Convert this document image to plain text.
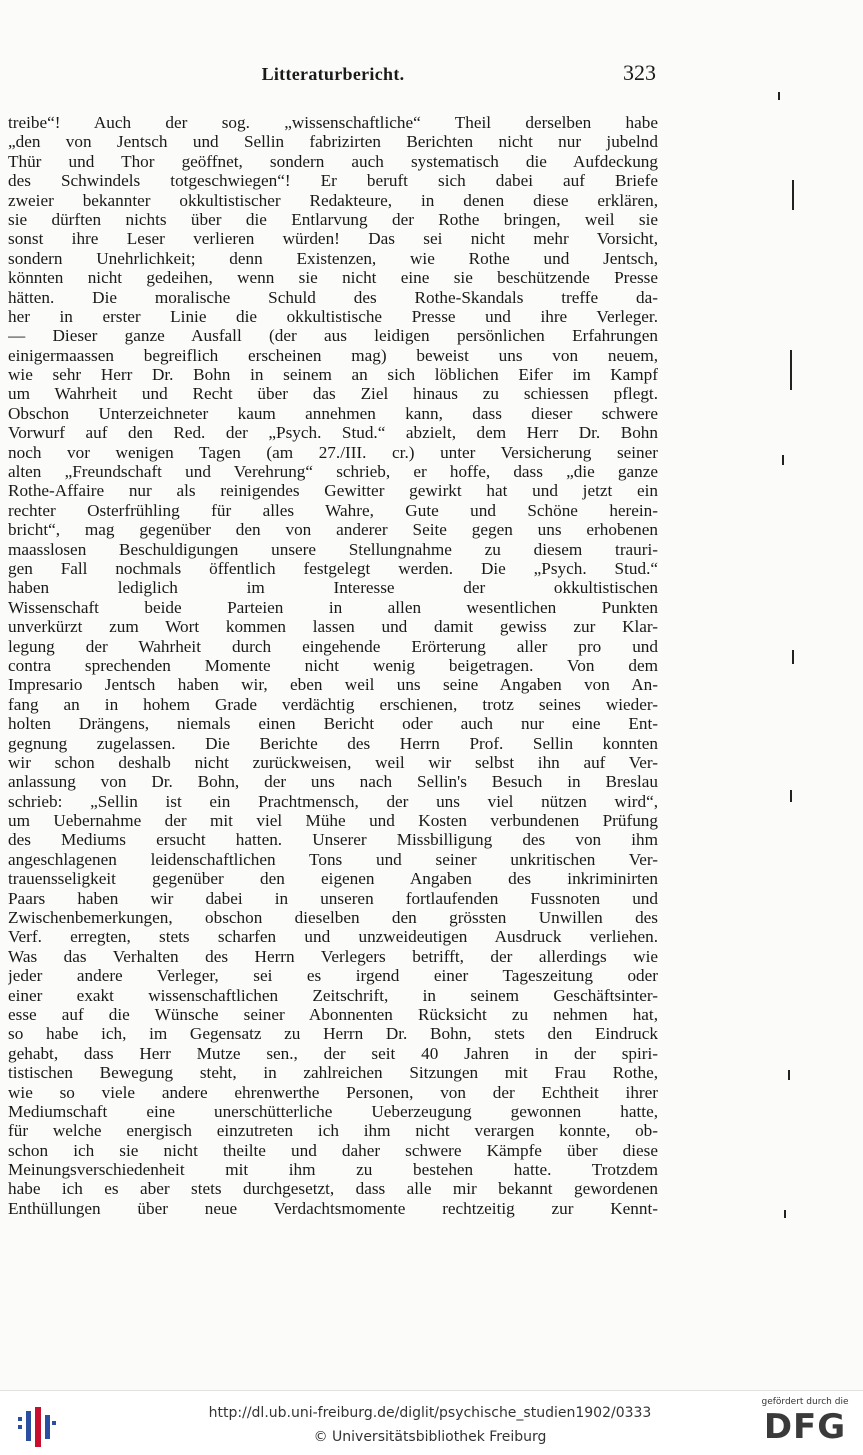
Litteraturbericht.	323
treibe“! Auch der sog. „wissenschaftliche“ Theil derselben habe
„den von Jentsch und Sellin fabrizirten Berichten nicht nur jubelnd
Thür und Thor geöffnet, sondern auch systematisch die Aufdeckung
des Schwindels totgeschwiegen“! Er beruft sich dabei auf Briefe
zweier bekannter okkultistischer Redakteure, in denen diese erklären,
sie dürften nichts über die Entlarvung der Rothe bringen, weil sie
sonst ihre Leser verlieren würden! Das sei nicht mehr Vorsicht,
sondern Unehrlichkeit; denn Existenzen, wie Rothe und Jentsch,
könnten nicht gedeihen, wenn sie nicht eine sie beschützende Presse
hätten. Die moralische Schuld des Rothe-Skandals treffe da-
her in erster Linie die okkultistische Presse und ihre Verleger.
— Dieser ganze Ausfall (der aus leidigen persönlichen Erfahrungen
einigermaassen begreiflich erscheinen mag) beweist uns von neuem,
wie sehr Herr Dr. Bohn in seinem an sich löblichen Eifer im Kampf
um Wahrheit und Recht über das Ziel hinaus zu schiessen pflegt.
Obschon Unterzeichneter kaum annehmen kann, dass dieser schwere
Vorwurf auf den Red. der „Psych. Stud.“ abzielt, dem Herr Dr. Bohn
noch vor wenigen Tagen (am 27./III. cr.) unter Versicherung seiner
alten „Freundschaft und Verehrung“ schrieb, er hoffe, dass „die ganze
Rothe-Affaire nur als reinigendes Gewitter gewirkt hat und jetzt ein
rechter Osterfrühling für alles Wahre, Gute und Schöne herein-
bricht“, mag gegenüber den von anderer Seite gegen uns erhobenen
maasslosen Beschuldigungen unsere Stellungnahme zu diesem trauri-
gen Fall nochmals öffentlich festgelegt werden. Die „Psych. Stud.“
haben lediglich im Interesse der okkultistischen
Wissenschaft beide Parteien in allen wesentlichen Punkten
unverkürzt zum Wort kommen lassen und damit gewiss zur Klar-
legung der Wahrheit durch eingehende Erörterung aller pro und
contra sprechenden Momente nicht wenig beigetragen. Von dem
Impresario Jentsch haben wir, eben weil uns seine Angaben von An-
fang an in hohem Grade verdächtig erschienen, trotz seines wieder-
holten Drängens, niemals einen Bericht oder auch nur eine Ent-
gegnung zugelassen. Die Berichte des Herrn Prof. Sellin konnten
wir schon deshalb nicht zurückweisen, weil wir selbst ihn auf Ver-
anlassung von Dr. Bohn, der uns nach Sellin's Besuch in Breslau
schrieb: „Sellin ist ein Prachtmensch, der uns viel nützen wird“,
um Uebernahme der mit viel Mühe und Kosten verbundenen Prüfung
des Mediums ersucht hatten. Unserer Missbilligung des von ihm
angeschlagenen leidenschaftlichen Tons und seiner unkritischen Ver-
trauensseligkeit gegenüber den eigenen Angaben des inkriminirten
Paars haben wir dabei in unseren fortlaufenden Fussnoten und
Zwischenbemerkungen, obschon dieselben den grössten Unwillen des
Verf. erregten, stets scharfen und unzweideutigen Ausdruck verliehen.
Was das Verhalten des Herrn Verlegers betrifft, der allerdings wie
jeder andere Verleger, sei es irgend einer Tageszeitung oder
einer exakt wissenschaftlichen Zeitschrift, in seinem Geschäftsinter-
esse auf die Wünsche seiner Abonnenten Rücksicht zu nehmen hat,
so habe ich, im Gegensatz zu Herrn Dr. Bohn, stets den Eindruck
gehabt, dass Herr Mutze sen., der seit 40 Jahren in der spiri-
tistischen Bewegung steht, in zahlreichen Sitzungen mit Frau Rothe,
wie so viele andere ehrenwerthe Personen, von der Echtheit ihrer
Mediumschaft eine unerschütterliche Ueberzeugung gewonnen hatte,
für welche energisch einzutreten ich ihm nicht verargen konnte, ob-
schon ich sie nicht theilte und daher schwere Kämpfe über diese
Meinungsverschiedenheit mit ihm zu bestehen hatte. Trotzdem
habe ich es aber stets durchgesetzt, dass alle mir bekannt gewordenen
Enthüllungen über neue Verdachtsmomente rechtzeitig zur Kennt-
http://dl.ub.uni-freiburg.de/diglit/psychische_studien1902/0333
© Universitätsbibliothek Freiburg
gefördert durch die
DFG
